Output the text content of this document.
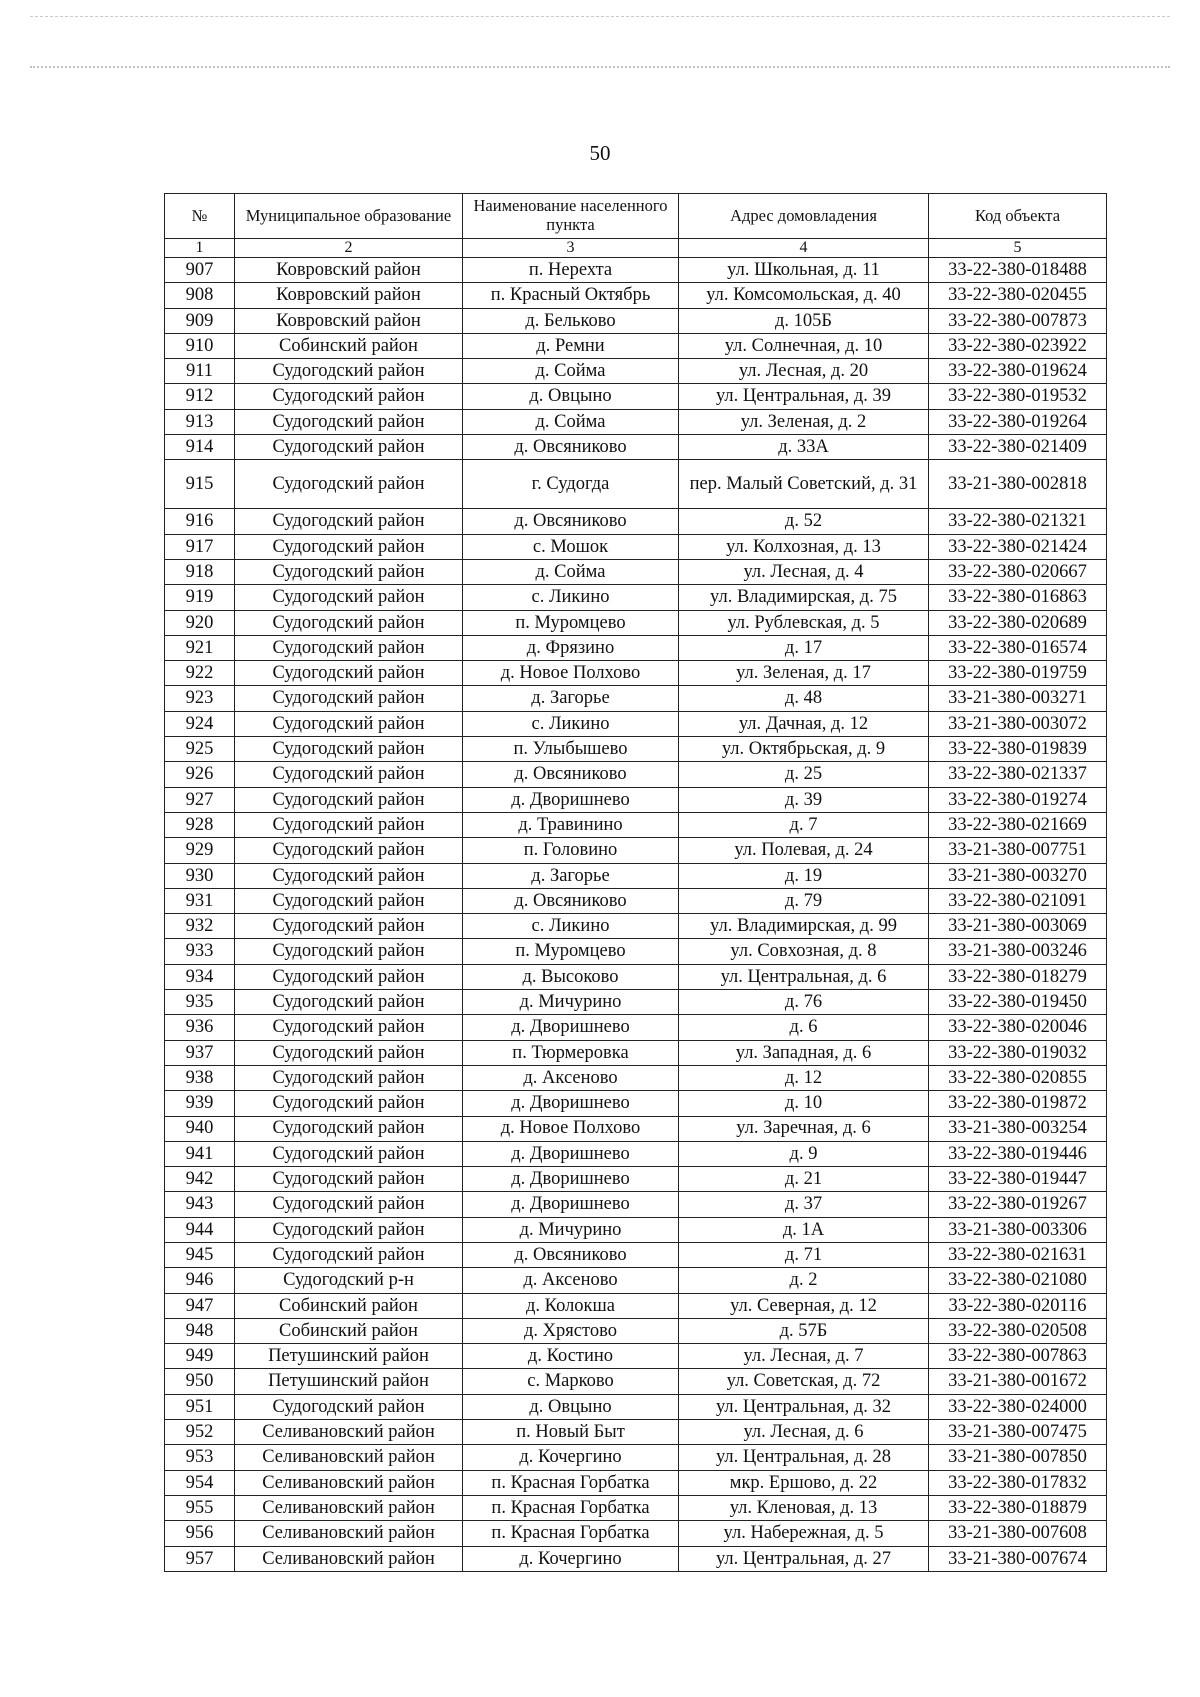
50
№	Муниципальное образование	Наименование населенного пункта	Адрес домовладения	Код объекта
1	2	3	4	5
907	Ковровский район	п. Нерехта	ул. Школьная, д. 11	33-22-380-018488
908	Ковровский район	п. Красный Октябрь	ул. Комсомольская, д. 40	33-22-380-020455
909	Ковровский район	д. Бельково	д. 105Б	33-22-380-007873
910	Собинский район	д. Ремни	ул. Солнечная, д. 10	33-22-380-023922
911	Судогодский район	д. Сойма	ул. Лесная, д. 20	33-22-380-019624
912	Судогодский район	д. Овцыно	ул. Центральная, д. 39	33-22-380-019532
913	Судогодский район	д. Сойма	ул. Зеленая, д. 2	33-22-380-019264
914	Судогодский район	д. Овсяниково	д. 33А	33-22-380-021409
915	Судогодский район	г. Судогда	пер. Малый Советский, д. 31	33-21-380-002818
916	Судогодский район	д. Овсяниково	д. 52	33-22-380-021321
917	Судогодский район	с. Мошок	ул. Колхозная, д. 13	33-22-380-021424
918	Судогодский район	д. Сойма	ул. Лесная, д. 4	33-22-380-020667
919	Судогодский район	с. Ликино	ул. Владимирская, д. 75	33-22-380-016863
920	Судогодский район	п. Муромцево	ул. Рублевская, д. 5	33-22-380-020689
921	Судогодский район	д. Фрязино	д. 17	33-22-380-016574
922	Судогодский район	д. Новое Полхово	ул. Зеленая, д. 17	33-22-380-019759
923	Судогодский район	д. Загорье	д. 48	33-21-380-003271
924	Судогодский район	с. Ликино	ул. Дачная, д. 12	33-21-380-003072
925	Судогодский район	п. Улыбышево	ул. Октябрьская, д. 9	33-22-380-019839
926	Судогодский район	д. Овсяниково	д. 25	33-22-380-021337
927	Судогодский район	д. Дворишнево	д. 39	33-22-380-019274
928	Судогодский район	д. Травинино	д. 7	33-22-380-021669
929	Судогодский район	п. Головино	ул. Полевая, д. 24	33-21-380-007751
930	Судогодский район	д. Загорье	д. 19	33-21-380-003270
931	Судогодский район	д. Овсяниково	д. 79	33-22-380-021091
932	Судогодский район	с. Ликино	ул. Владимирская, д. 99	33-21-380-003069
933	Судогодский район	п. Муромцево	ул. Совхозная, д. 8	33-21-380-003246
934	Судогодский район	д. Высоково	ул. Центральная, д. 6	33-22-380-018279
935	Судогодский район	д. Мичурино	д. 76	33-22-380-019450
936	Судогодский район	д. Дворишнево	д. 6	33-22-380-020046
937	Судогодский район	п. Тюрмеровка	ул. Западная, д. 6	33-22-380-019032
938	Судогодский район	д. Аксеново	д. 12	33-22-380-020855
939	Судогодский район	д. Дворишнево	д. 10	33-22-380-019872
940	Судогодский район	д. Новое Полхово	ул. Заречная, д. 6	33-21-380-003254
941	Судогодский район	д. Дворишнево	д. 9	33-22-380-019446
942	Судогодский район	д. Дворишнево	д. 21	33-22-380-019447
943	Судогодский район	д. Дворишнево	д. 37	33-22-380-019267
944	Судогодский район	д. Мичурино	д. 1А	33-21-380-003306
945	Судогодский район	д. Овсяниково	д. 71	33-22-380-021631
946	Судогодский р-н	д. Аксеново	д. 2	33-22-380-021080
947	Собинский район	д. Колокша	ул. Северная, д. 12	33-22-380-020116
948	Собинский район	д. Хрястово	д. 57Б	33-22-380-020508
949	Петушинский район	д. Костино	ул. Лесная, д. 7	33-22-380-007863
950	Петушинский район	с. Марково	ул. Советская, д. 72	33-21-380-001672
951	Судогодский район	д. Овцыно	ул. Центральная, д. 32	33-22-380-024000
952	Селивановский район	п. Новый Быт	ул. Лесная, д. 6	33-21-380-007475
953	Селивановский район	д. Кочергино	ул. Центральная, д. 28	33-21-380-007850
954	Селивановский район	п. Красная Горбатка	мкр. Ершово, д. 22	33-22-380-017832
955	Селивановский район	п. Красная Горбатка	ул. Кленовая, д. 13	33-22-380-018879
956	Селивановский район	п. Красная Горбатка	ул. Набережная, д. 5	33-21-380-007608
957	Селивановский район	д. Кочергино	ул. Центральная, д. 27	33-21-380-007674
